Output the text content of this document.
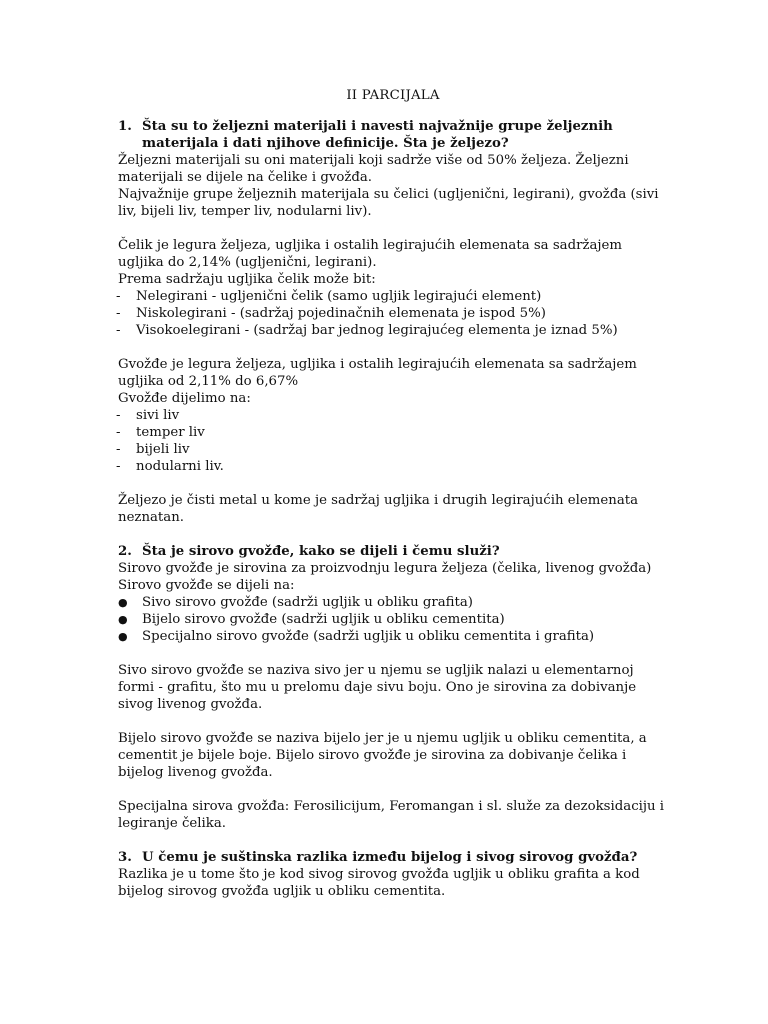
II PARCIJALA

1. Šta su to željezni materijali i navesti najvažnije grupe željeznih materijala i dati njihove definicije. Šta je željezo?

Željezni materijali su oni materijali koji sadrže više od 50% željeza. Željezni materijali se dijele na čelike i gvožđa.

Najvažnije grupe željeznih materijala su čelici (ugljenični, legirani), gvožđa (sivi liv, bijeli liv, temper liv, nodularni liv).

Čelik je legura željeza, ugljika i ostalih legirajućih elemenata sa sadržajem ugljika do 2,14% (ugljenični, legirani).

Prema sadržaju ugljika čelik može bit:

-	Nelegirani - ugljenični čelik (samo ugljik legirajući element)
-	Niskolegirani - (sadržaj pojedinačnih elemenata je ispod 5%)
-	Visokoelegirani - (sadržaj bar jednog legirajućeg elementa je iznad 5%)

Gvožđe je legura željeza, ugljika i ostalih legirajućih elemenata sa sadržajem ugljika od 2,11% do 6,67%

Gvožđe dijelimo na:

-	sivi liv
-	temper liv
-	bijeli liv
-	nodularni liv.

Željezo je čisti metal u kome je sadržaj ugljika i drugih legirajućih elemenata neznatan.

2. Šta je sirovo gvožđe, kako se dijeli i čemu služi?

Sirovo gvožđe je sirovina za proizvodnju legura željeza (čelika, livenog gvožđa)

Sirovo gvožđe se dijeli na:

●	Sivo sirovo gvožđe (sadrži ugljik u obliku grafita)
●	Bijelo sirovo gvožđe (sadrži ugljik u obliku cementita)
●	Specijalno sirovo gvožđe (sadrži ugljik u obliku cementita i grafita)

Sivo sirovo gvožđe se naziva sivo jer u njemu se ugljik nalazi u elementarnoj formi - grafitu, što mu u prelomu daje sivu boju. Ono je sirovina za dobivanje sivog livenog gvožđa.

Bijelo sirovo gvožđe se naziva bijelo jer je u njemu ugljik u obliku cementita, a cementit je bijele boje. Bijelo sirovo gvožđe je sirovina za dobivanje čelika i bijelog livenog gvožđa.

Specijalna sirova gvožđa: Ferosilicijum, Feromangan i sl. služe za dezoksidaciju i legiranje čelika.

3. U čemu je suštinska razlika između bijelog i sivog sirovog gvožđa?

Razlika je u tome što je kod sivog sirovog gvožđa ugljik u obliku grafita a kod bijelog sirovog gvožđa ugljik u obliku cementita.
